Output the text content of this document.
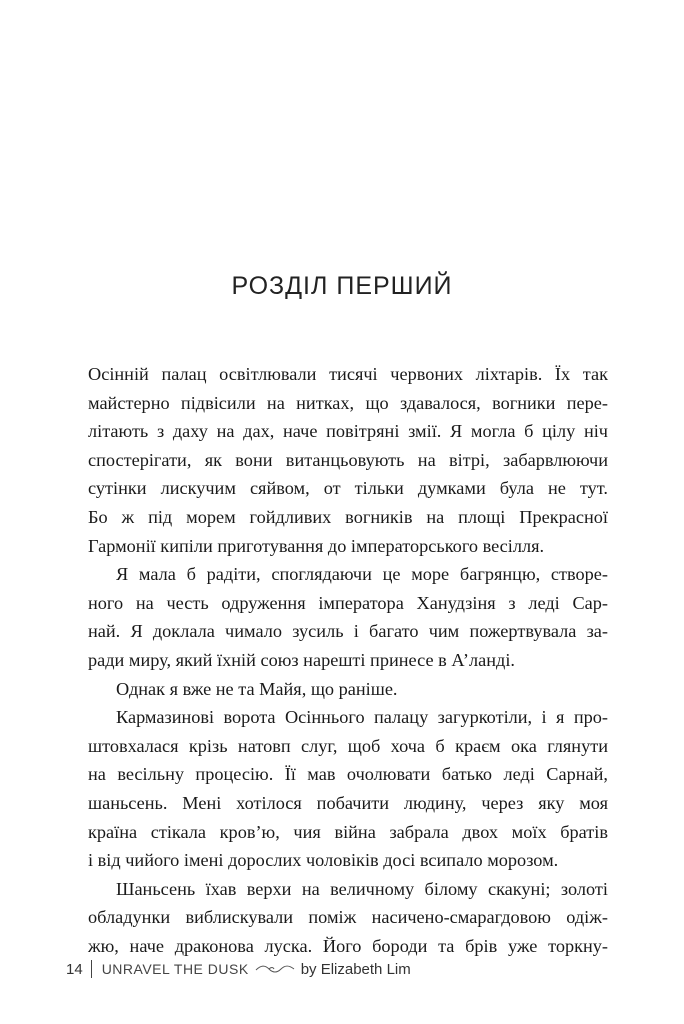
РОЗДІЛ ПЕРШИЙ
Осінній палац освітлювали тисячі червоних ліхтарів. Їх так
майстерно підвісили на нитках, що здавалося, вогники пере-
літають з даху на дах, наче повітряні змії. Я могла б цілу ніч
спостерігати, як вони витанцьовують на вітрі, забарвлюючи
сутінки лискучим сяйвом, от тільки думками була не тут.
Бо ж під морем гойдливих вогників на площі Прекрасної
Гармонії кипіли приготування до імператорського весілля.
Я мала б радіти, споглядаючи це море багрянцю, створе-
ного на честь одруження імператора Ханудзіня з леді Сар-
най. Я доклала чимало зусиль і багато чим пожертвувала за-
ради миру, який їхній союз нарешті принесе в А’ланді.
Однак я вже не та Майя, що раніше.
Кармазинові ворота Осіннього палацу загуркотіли, і я про-
штовхалася крізь натовп слуг, щоб хоча б краєм ока глянути
на весільну процесію. Її мав очолювати батько леді Сарнай,
шаньсень. Мені хотілося побачити людину, через яку моя
країна стікала кров’ю, чия війна забрала двох моїх братів
і від чийого імені дорослих чоловіків досі всипало морозом.
Шаньсень їхав верхи на величному білому скакуні; золоті
обладунки виблискували поміж насичено-смарагдовою одіж-
жю, наче драконова луска. Його бороди та брів уже торкну-
14 UNRAVEL THE DUSK	by Elizabeth Lim
